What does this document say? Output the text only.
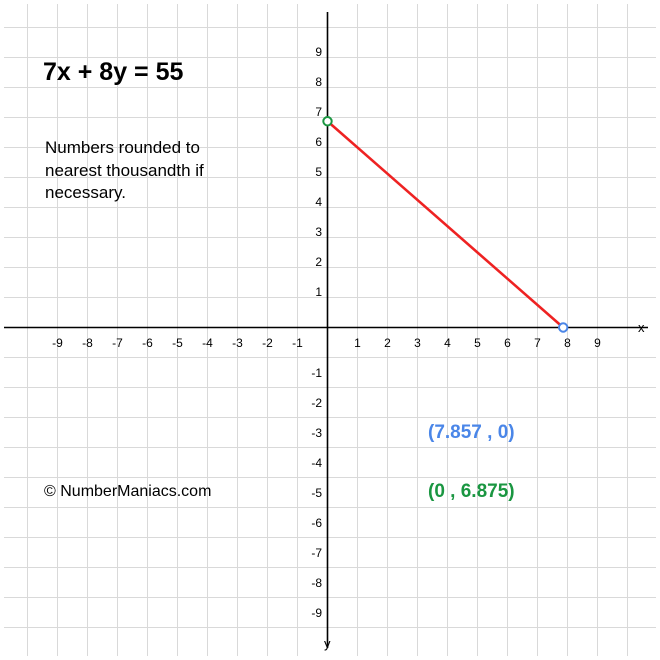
x
y
-9	-8	-7	-6	-5	-4	-3	-2	-1	1	2	3	4	5	6	7	8	9
9
8
7
6
5
4
3
2
1
-1
-2
-3
-4
-5
-6
-7
-8
-9
7x + 8y = 55
Numbers rounded to nearest thousandth if necessary.
(7.857 , 0)
(0 , 6.875)
© NumberManiacs.com
